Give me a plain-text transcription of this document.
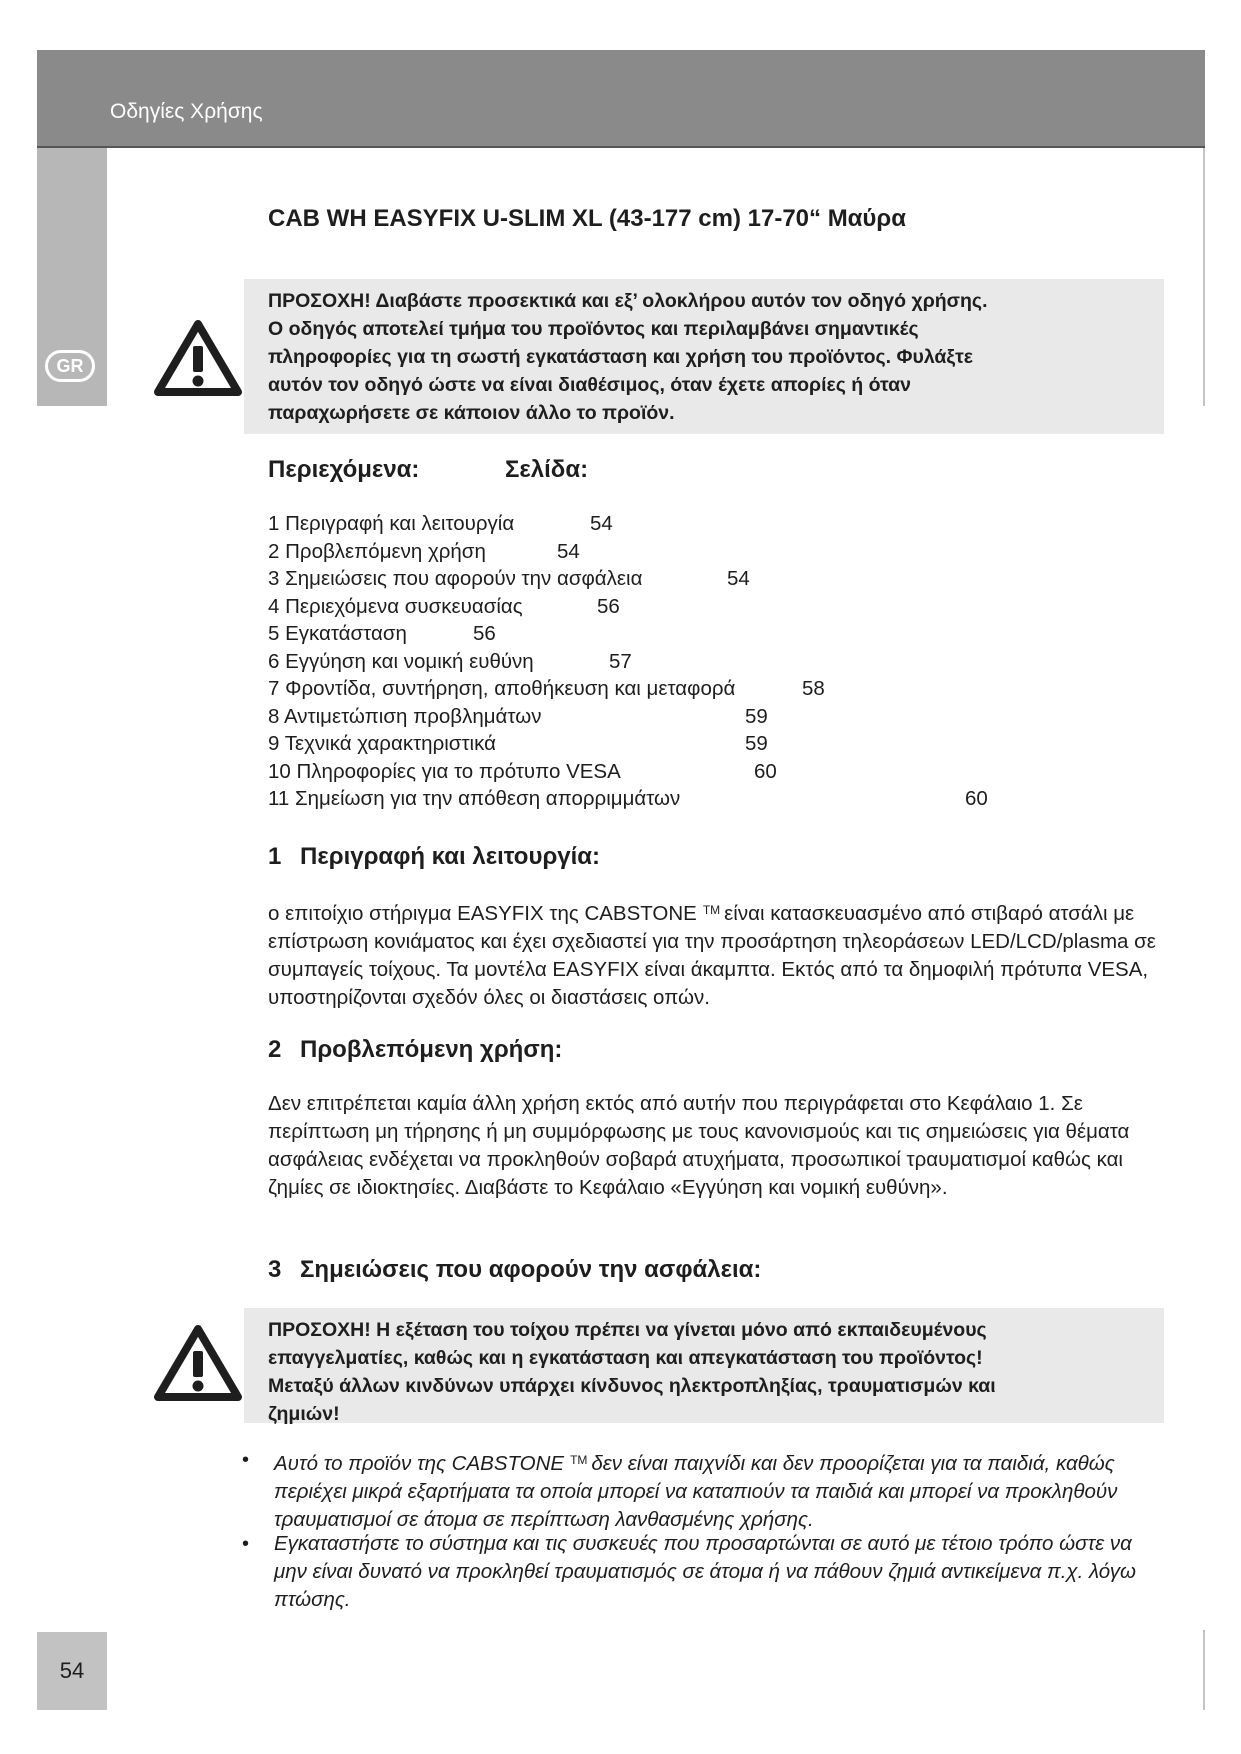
Οδηγίες Χρήσης
GR
CAB WH EASYFIX U-SLIM XL (43-177 cm) 17-70“ Μαύρα
ΠΡΟΣΟΧΗ! Διαβάστε προσεκτικά και εξ’ ολοκλήρου αυτόν τον οδηγό χρήσης.
Ο οδηγός αποτελεί τμήμα του προϊόντος και περιλαμβάνει σημαντικές
πληροφορίες για τη σωστή εγκατάσταση και χρήση του προϊόντος. Φυλάξτε
αυτόν τον οδηγό ώστε να είναι διαθέσιμος, όταν έχετε απορίες ή όταν
παραχωρήσετε σε κάποιον άλλο το προϊόν.
Περιεχόμενα:	Σελίδα:
1 Περιγραφή και λειτουργία	54
2 Προβλεπόμενη χρήση	54
3 Σημειώσεις που αφορούν την ασφάλεια	54
4 Περιεχόμενα συσκευασίας	56
5 Εγκατάσταση	56
6 Εγγύηση και νομική ευθύνη	57
7 Φροντίδα, συντήρηση, αποθήκευση και μεταφορά	58
8 Αντιμετώπιση προβλημάτων	59
9 Τεχνικά χαρακτηριστικά	59
10 Πληροφορίες για το πρότυπο VESA	60
11 Σημείωση για την απόθεση απορριμμάτων	60
1 Περιγραφή και λειτουργία:

ο επιτοίχιο στήριγμα EASYFIX της CABSTONE ™ είναι κατασκευασμένο από στιβαρό ατσάλι με επίστρωση κονιάματος και έχει σχεδιαστεί για την προσάρτηση τηλεοράσεων LED/LCD/plasma σε συμπαγείς τοίχους. Τα μοντέλα EASYFIX είναι άκαμπτα. Εκτός από τα δημοφιλή πρότυπα VESA, υποστηρίζονται σχεδόν όλες οι διαστάσεις οπών.

2 Προβλεπόμενη χρήση:

Δεν επιτρέπεται καμία άλλη χρήση εκτός από αυτήν που περιγράφεται στο Κεφάλαιο 1. Σε περίπτωση μη τήρησης ή μη συμμόρφωσης με τους κανονισμούς και τις σημειώσεις για θέματα ασφάλειας ενδέχεται να προκληθούν σοβαρά ατυχήματα, προσωπικοί τραυματισμοί καθώς και ζημίες σε ιδιοκτησίες. Διαβάστε το Κεφάλαιο «Εγγύηση και νομική ευθύνη».

3 Σημειώσεις που αφορούν την ασφάλεια:
ΠΡΟΣΟΧΗ! Η εξέταση του τοίχου πρέπει να γίνεται μόνο από εκπαιδευμένους
επαγγελματίες, καθώς και η εγκατάσταση και απεγκατάσταση του προϊόντος!
Μεταξύ άλλων κινδύνων υπάρχει κίνδυνος ηλεκτροπληξίας, τραυματισμών και
ζημιών!
• Αυτό το προϊόν της CABSTONE ™ δεν είναι παιχνίδι και δεν προορίζεται για τα παιδιά, καθώς περιέχει μικρά εξαρτήματα τα οποία μπορεί να καταπιούν τα παιδιά και μπορεί να προκληθούν τραυματισμοί σε άτομα σε περίπτωση λανθασμένης χρήσης.

• Εγκαταστήστε το σύστημα και τις συσκευές που προσαρτώνται σε αυτό με τέτοιο τρόπο ώστε να μην είναι δυνατό να προκληθεί τραυματισμός σε άτομα ή να πάθουν ζημιά αντικείμενα π.χ. λόγω πτώσης.

54
